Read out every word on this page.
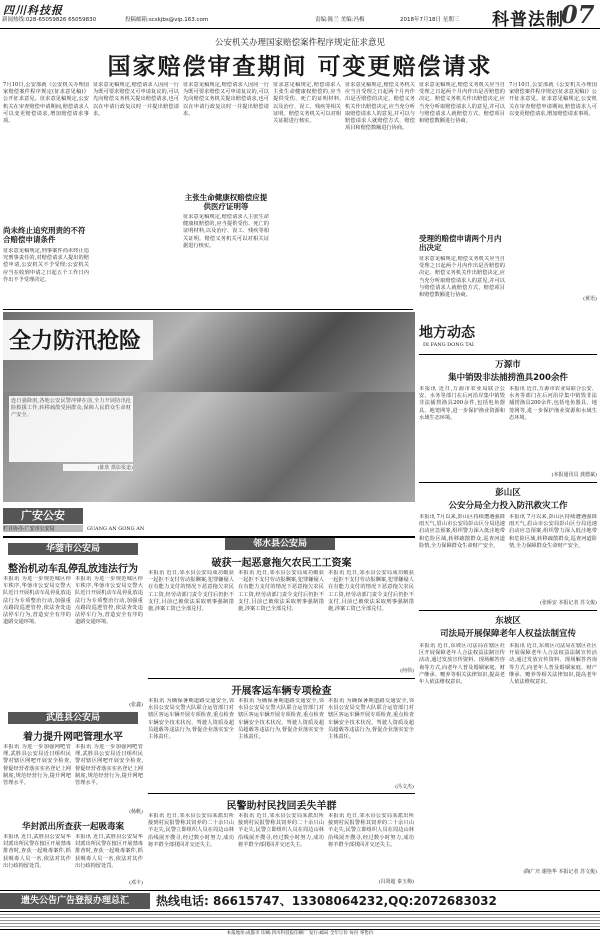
四川科技报
新闻热线:028-65059826 65059830	投稿邮箱:scskjbs@vip.163.com	责编:陈兰 美编:冯梅	2018年7月18日 星期三 科普法制
07
公安机关办理国家赔偿案件程序规定征求意见
国家赔偿审查期间 可变更赔偿请求
7月10日,公安部就《公安机关办理国家赔偿案件程序规定(征求意见稿)》公开征求意见。征求意见稿规定,公安机关在审查赔偿申请期间,赔偿请求人可以变更赔偿请求,增加赔偿请求事项。
尚未终止追究刑责的不符合赔偿申请条件
征求意见稿规定,刑事案件尚未终止追究刑事责任的,对赔偿请求人提出的赔偿申请,公安机关不予受理;公安机关应当在收到申请之日起五个工作日内作出不予受理决定。
征求意见稿规定,赔偿请求人因同一行为既可要求赔偿又可申请复议的,可以先向赔偿义务机关提出赔偿请求,也可以在申请行政复议时一并提出赔偿请求。
征求意见稿规定,赔偿请求人因同一行为既可要求赔偿又可申请复议的,可以先向赔偿义务机关提出赔偿请求,也可以在申请行政复议时一并提出赔偿请求。
主张生命健康权赔偿应提供医疗证明等
征求意见稿规定,赔偿请求人主张生命健康权赔偿的,应当提供受伤、死亡的证明材料,以及治疗、误工、残疾等相关证明。赔偿义务机关可以对相关证据进行核实。
征求意见稿规定,赔偿请求人主张生命健康权赔偿的,应当提供受伤、死亡的证明材料,以及治疗、误工、残疾等相关证明。赔偿义务机关可以对相关证据进行核实。
征求意见稿规定,赔偿义务机关应当自受理之日起两个月内作出是否赔偿的决定。赔偿义务机关作出赔偿决定,应当充分听取赔偿请求人的意见,并可以与赔偿请求人就赔偿方式、赔偿项目和赔偿数额进行协商。
征求意见稿规定,赔偿义务机关应当自受理之日起两个月内作出是否赔偿的决定。赔偿义务机关作出赔偿决定,应当充分听取赔偿请求人的意见,并可以与赔偿请求人就赔偿方式、赔偿项目和赔偿数额进行协商。
受理的赔偿申请两个月内出决定
征求意见稿规定,赔偿义务机关应当自受理之日起两个月内作出是否赔偿的决定。赔偿义务机关作出赔偿决定,应当充分听取赔偿请求人的意见,并可以与赔偿请求人就赔偿方式、赔偿项目和赔偿数额进行协商。
7月10日,公安部就《公安机关办理国家赔偿案件程序规定(征求意见稿)》公开征求意见。征求意见稿规定,公安机关在审查赔偿申请期间,赔偿请求人可以变更赔偿请求,增加赔偿请求事项。
(黄语)
全力防汛抢险
连日强降雨,各地公安民警冲锋在前,全力开展防汛抢险救援工作,转移疏散受困群众,保障人民群众生命财产安全。
(陈欣 摄影报道)
地方动态
DI FANG DONG TAI
万源市
集中销毁非法捕捞渔具200余件
本报讯 近日,万源市农业局联合公安、水务等部门在后河沿岸集中销毁非法捕捞渔具200余件,包括电鱼器具、地笼网等,进一步保护渔业资源和水域生态环境。
本报讯 近日,万源市农业局联合公安、水务等部门在后河沿岸集中销毁非法捕捞渔具200余件,包括电鱼器具、地笼网等,进一步保护渔业资源和水域生态环境。
(本报通讯员 龚德斌)
彭山区
公安分局全力投入防汛救灾工作
本报讯 7月以来,彭山区持续遭遇强降雨天气,眉山市公安局彭山区分局迅速启动应急预案,组织警力深入低洼地带和危险区域,转移疏散群众,巡查河道险情,全力保障群众生命财产安全。
本报讯 7月以来,彭山区持续遭遇强降雨天气,眉山市公安局彭山区分局迅速启动应急预案,组织警力深入低洼地带和危险区域,转移疏散群众,巡查河道险情,全力保障群众生命财产安全。
(张桥安 本报记者 苏文俊)
东坡区
司法局开展保障老年人权益法制宣传
本报讯 近日,东坡区司法局在辖区社区开展保障老年人合法权益法制宣传活动,通过发放宣传资料、现场解答咨询等方式,向老年人普及婚姻家庭、财产继承、赡养等相关法律知识,提高老年人依法维权意识。
本报讯 近日,东坡区司法局在辖区社区开展保障老年人合法权益法制宣传活动,通过发放宣传资料、现场解答咨询等方式,向老年人普及婚姻家庭、财产继承、赡养等相关法律知识,提高老年人依法维权意识。
(陶广庆 谢艳华 本报记者 苏文俊)
广安公安
栏目协办:广安市公安局	GUANG AN GONG AN
华蓥市公安局
整治机动车乱停乱放违法行为
本报讯 为进一步规范城区停车秩序,华蓥市公安局交警大队近日开展机动车乱停乱放违法行为专项整治行动,加强重点路段巡逻管控,依法查处违法停车行为,营造安全有序的道路交通环境。
本报讯 为进一步规范城区停车秩序,华蓥市公安局交警大队近日开展机动车乱停乱放违法行为专项整治行动,加强重点路段巡逻管控,依法查处违法停车行为,营造安全有序的道路交通环境。
(张鑫)
武胜县公安局
着力提升网吧管理水平
本报讯 为进一步加强网吧管理,武胜县公安局近日组织民警对辖区网吧开展安全检查,督促经营者落实实名登记上网制度,规范经营行为,提升网吧管理水平。
本报讯 为进一步加强网吧管理,武胜县公安局近日组织民警对辖区网吧开展安全检查,督促经营者落实实名登记上网制度,规范经营行为,提升网吧管理水平。
(杨帆)
华封派出所查获一起吸毒案
本报讯 近日,武胜县公安局华封派出所民警在辖区开展禁毒排查时,查获一起吸毒案件,抓获吸毒人员一名,依法对其作出行政拘留处罚。
本报讯 近日,武胜县公安局华封派出所民警在辖区开展禁毒排查时,查获一起吸毒案件,抓获吸毒人员一名,依法对其作出行政拘留处罚。
(邓丰)
邻水县公安局
破获一起恶意拖欠农民工工资案
本报讯 近日,邻水县公安局成功破获一起拒不支付劳动报酬案,犯罪嫌疑人在有能力支付的情况下恶意拖欠农民工工资,经劳动部门责令支付后仍拒不支付,目前已被依法采取刑事强制措施,涉案工资已全部兑付。
本报讯 近日,邻水县公安局成功破获一起拒不支付劳动报酬案,犯罪嫌疑人在有能力支付的情况下恶意拖欠农民工工资,经劳动部门责令支付后仍拒不支付,目前已被依法采取刑事强制措施,涉案工资已全部兑付。
本报讯 近日,邻水县公安局成功破获一起拒不支付劳动报酬案,犯罪嫌疑人在有能力支付的情况下恶意拖欠农民工工资,经劳动部门责令支付后仍拒不支付,目前已被依法采取刑事强制措施,涉案工资已全部兑付。
(何伟)
开展客运车辆专项检查
本报讯 为确保暑期道路交通安全,邻水县公安局交警大队联合运管部门对辖区客运车辆开展专项检查,重点检查车辆安全技术状况、驾驶人资质及超员超载等违法行为,督促企业落实安全主体责任。
本报讯 为确保暑期道路交通安全,邻水县公安局交警大队联合运管部门对辖区客运车辆开展专项检查,重点检查车辆安全技术状况、驾驶人资质及超员超载等违法行为,督促企业落实安全主体责任。
本报讯 为确保暑期道路交通安全,邻水县公安局交警大队联合运管部门对辖区客运车辆开展专项检查,重点检查车辆安全技术状况、驾驶人资质及超员超载等违法行为,督促企业落实安全主体责任。
(冯文杰)
民警助村民找回丢失羊群
本报讯 近日,邻水县公安局某派出所接到村民报警称其饲养的二十余只山羊走失,民警立即组织人员在周边山林沿线展开搜寻,经过数小时努力,成功将羊群全部找回并交还失主。
本报讯 近日,邻水县公安局某派出所接到村民报警称其饲养的二十余只山羊走失,民警立即组织人员在周边山林沿线展开搜寻,经过数小时努力,成功将羊群全部找回并交还失主。
本报讯 近日,邻水县公安局某派出所接到村民报警称其饲养的二十余只山羊走失,民警立即组织人员在周边山林沿线展开搜寻,经过数小时努力,成功将羊群全部找回并交还失主。
(冯贤超 秦玉梅)
遗失公告广告登报办理总汇	热线电话: 86615747、13308064232,QQ:2072683032
本报地址:成都市 印刷:四川科技报印刷厂 发行:邮局 全年订价 每份 零售价
